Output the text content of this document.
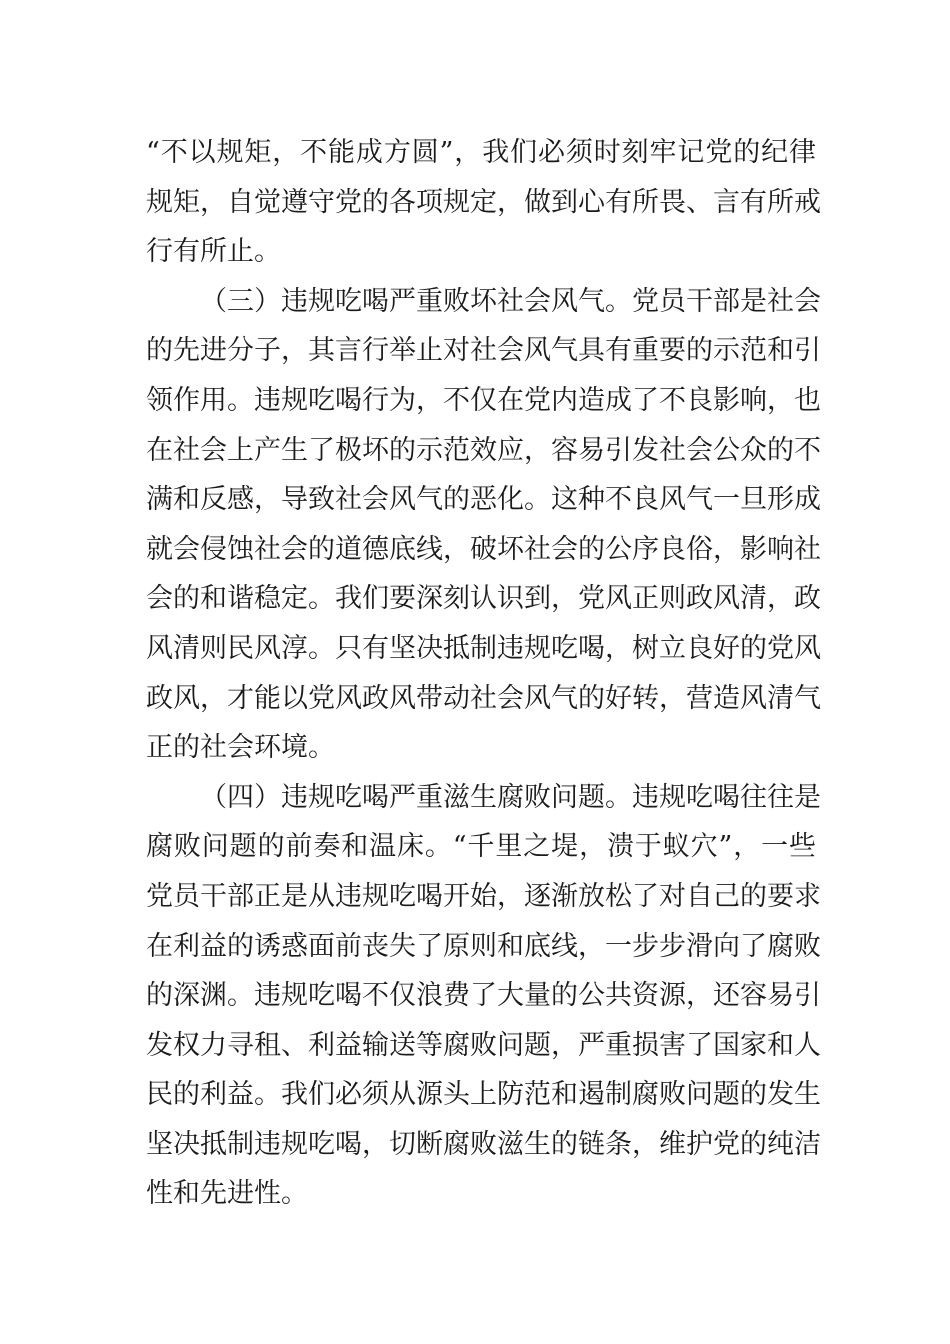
“不以规矩，不能成方圆”，我们必须时刻牢记党的纪律
规矩，自觉遵守党的各项规定，做到心有所畏、言有所戒
行有所止。
（三）违规吃喝严重败坏社会风气。党员干部是社会
的先进分子，其言行举止对社会风气具有重要的示范和引
领作用。违规吃喝行为，不仅在党内造成了不良影响，也
在社会上产生了极坏的示范效应，容易引发社会公众的不
满和反感，导致社会风气的恶化。这种不良风气一旦形成
就会侵蚀社会的道德底线，破坏社会的公序良俗，影响社
会的和谐稳定。我们要深刻认识到，党风正则政风清，政
风清则民风淳。只有坚决抵制违规吃喝，树立良好的党风
政风，才能以党风政风带动社会风气的好转，营造风清气
正的社会环境。
（四）违规吃喝严重滋生腐败问题。违规吃喝往往是
腐败问题的前奏和温床。“千里之堤，溃于蚁穴”，一些
党员干部正是从违规吃喝开始，逐渐放松了对自己的要求
在利益的诱惑面前丧失了原则和底线，一步步滑向了腐败
的深渊。违规吃喝不仅浪费了大量的公共资源，还容易引
发权力寻租、利益输送等腐败问题，严重损害了国家和人
民的利益。我们必须从源头上防范和遏制腐败问题的发生
坚决抵制违规吃喝，切断腐败滋生的链条，维护党的纯洁
性和先进性。
